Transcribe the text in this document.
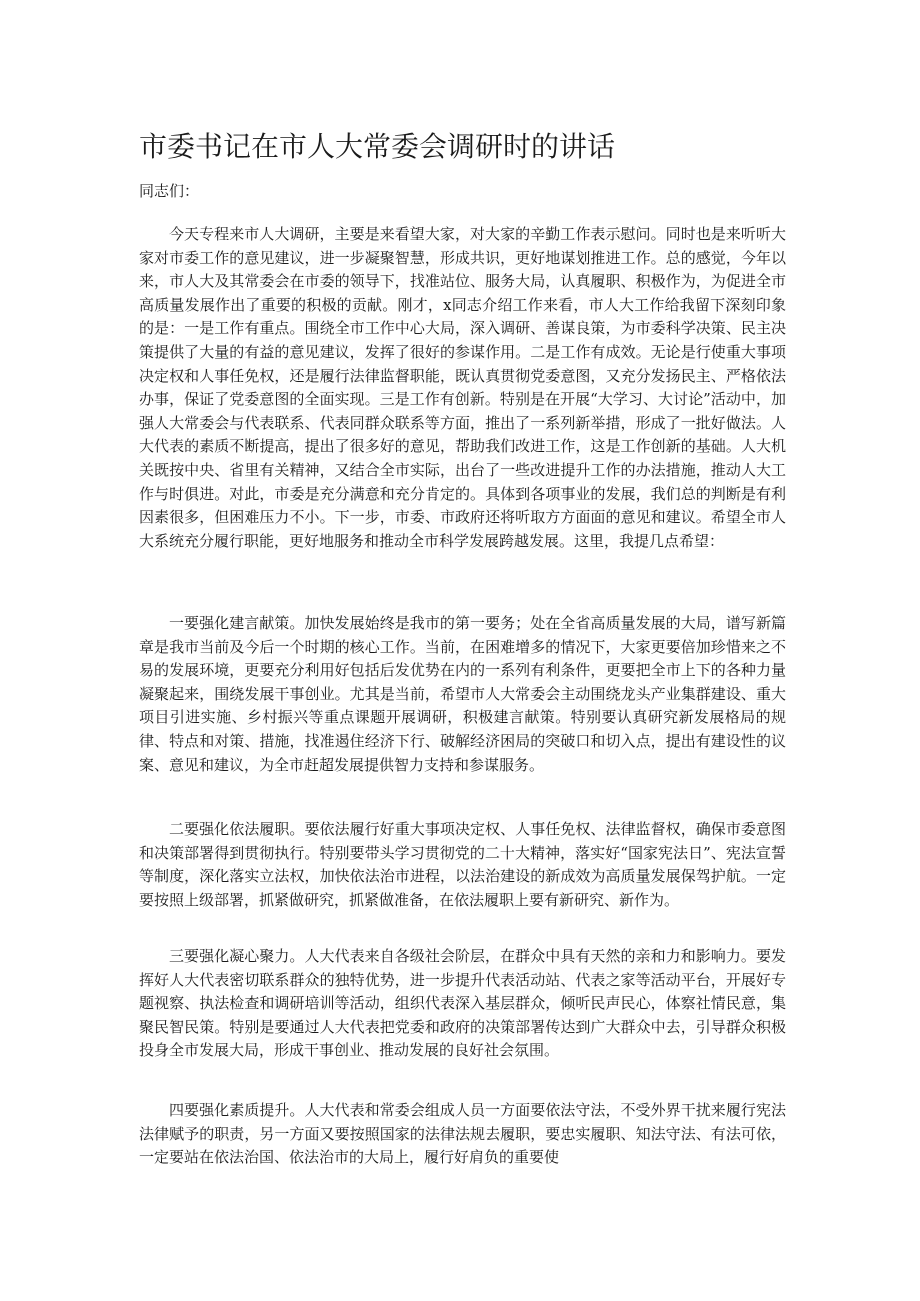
市委书记在市人大常委会调研时的讲话

同志们：

今天专程来市人大调研，主要是来看望大家，对大家的辛勤工作表示慰问。同时也是来听听大家对市委工作的意见建议，进一步凝聚智慧，形成共识，更好地谋划推进工作。总的感觉，今年以来，市人大及其常委会在市委的领导下，找准站位、服务大局，认真履职、积极作为，为促进全市高质量发展作出了重要的积极的贡献。刚才，x同志介绍工作来看，市人大工作给我留下深刻印象的是：一是工作有重点。围绕全市工作中心大局，深入调研、善谋良策，为市委科学决策、民主决策提供了大量的有益的意见建议，发挥了很好的参谋作用。二是工作有成效。无论是行使重大事项决定权和人事任免权，还是履行法律监督职能，既认真贯彻党委意图，又充分发扬民主、严格依法办事，保证了党委意图的全面实现。三是工作有创新。特别是在开展“大学习、大讨论”活动中，加强人大常委会与代表联系、代表同群众联系等方面，推出了一系列新举措，形成了一批好做法。人大代表的素质不断提高，提出了很多好的意见，帮助我们改进工作，这是工作创新的基础。人大机关既按中央、省里有关精神，又结合全市实际，出台了一些改进提升工作的办法措施，推动人大工作与时俱进。对此，市委是充分满意和充分肯定的。具体到各项事业的发展，我们总的判断是有利因素很多，但困难压力不小。下一步，市委、市政府还将听取方方面面的意见和建议。希望全市人大系统充分履行职能，更好地服务和推动全市科学发展跨越发展。这里，我提几点希望：

一要强化建言献策。加快发展始终是我市的第一要务；处在全省高质量发展的大局，谱写新篇章是我市当前及今后一个时期的核心工作。当前，在困难增多的情况下，大家更要倍加珍惜来之不易的发展环境，更要充分利用好包括后发优势在内的一系列有利条件，更要把全市上下的各种力量凝聚起来，围绕发展干事创业。尤其是当前，希望市人大常委会主动围绕龙头产业集群建设、重大项目引进实施、乡村振兴等重点课题开展调研，积极建言献策。特别要认真研究新发展格局的规律、特点和对策、措施，找准遏住经济下行、破解经济困局的突破口和切入点，提出有建设性的议案、意见和建议，为全市赶超发展提供智力支持和参谋服务。

二要强化依法履职。要依法履行好重大事项决定权、人事任免权、法律监督权，确保市委意图和决策部署得到贯彻执行。特别要带头学习贯彻党的二十大精神，落实好“国家宪法日”、宪法宣誓等制度，深化落实立法权，加快依法治市进程，以法治建设的新成效为高质量发展保驾护航。一定要按照上级部署，抓紧做研究，抓紧做准备，在依法履职上要有新研究、新作为。

三要强化凝心聚力。人大代表来自各级社会阶层，在群众中具有天然的亲和力和影响力。要发挥好人大代表密切联系群众的独特优势，进一步提升代表活动站、代表之家等活动平台，开展好专题视察、执法检查和调研培训等活动，组织代表深入基层群众，倾听民声民心，体察社情民意，集聚民智民策。特别是要通过人大代表把党委和政府的决策部署传达到广大群众中去，引导群众积极投身全市发展大局，形成干事创业、推动发展的良好社会氛围。

四要强化素质提升。人大代表和常委会组成人员一方面要依法守法，不受外界干扰来履行宪法法律赋予的职责，另一方面又要按照国家的法律法规去履职，要忠实履职、知法守法、有法可依，一定要站在依法治国、依法治市的大局上，履行好肩负的重要使
